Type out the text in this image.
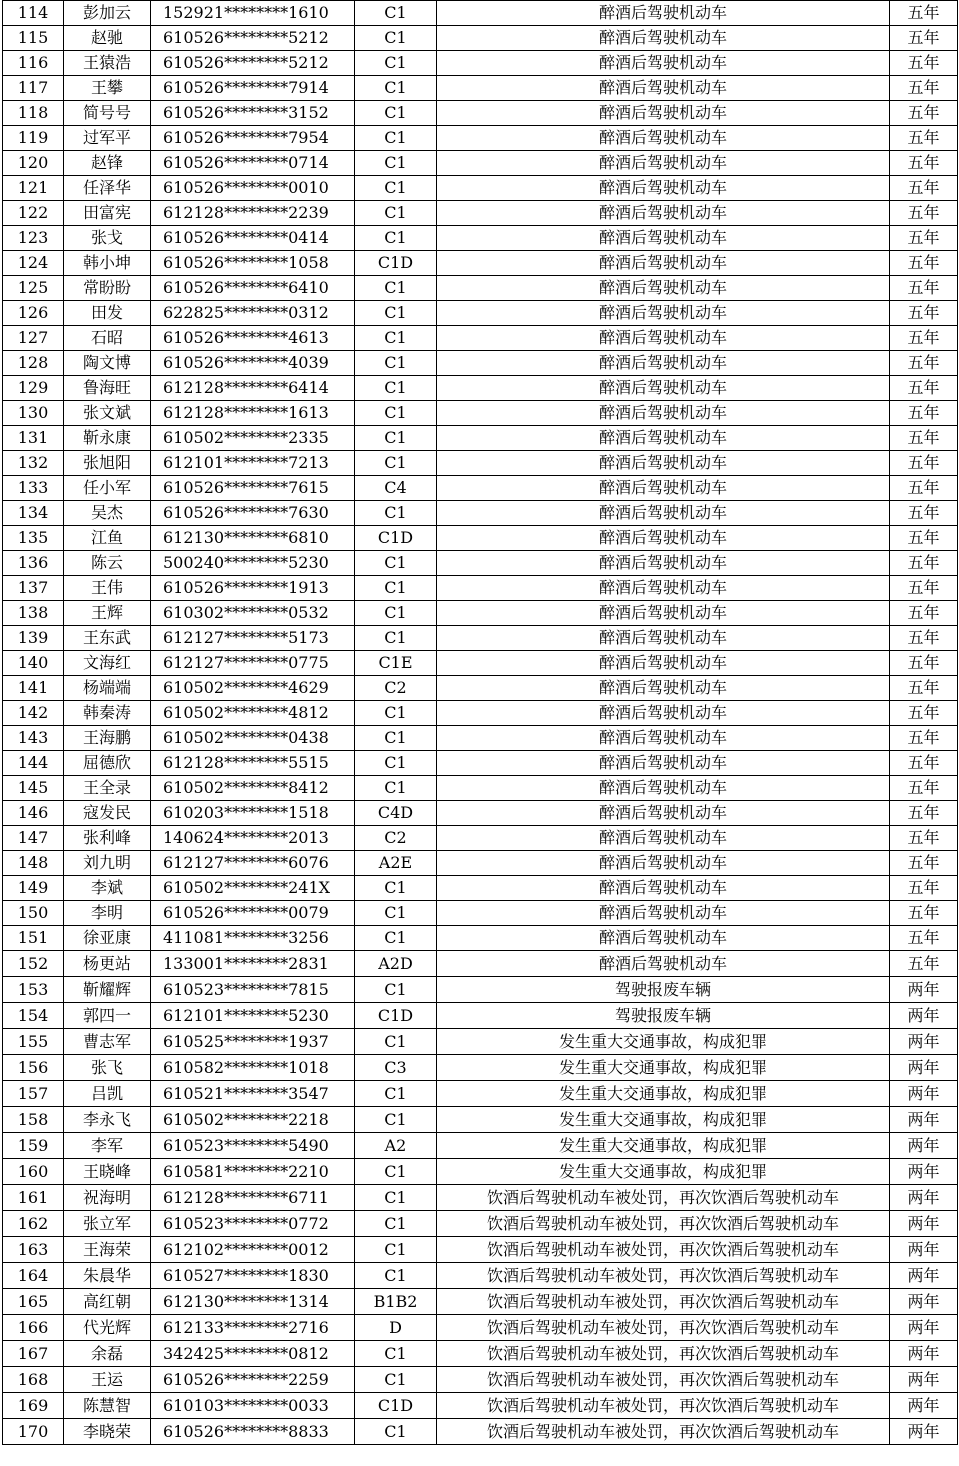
114	彭加云	152921********1610	C1	醉酒后驾驶机动车	五年
115	赵驰	610526********5212	C1	醉酒后驾驶机动车	五年
116	王猿浩	610526********5212	C1	醉酒后驾驶机动车	五年
117	王攀	610526********7914	C1	醉酒后驾驶机动车	五年
118	简号号	610526********3152	C1	醉酒后驾驶机动车	五年
119	过军平	610526********7954	C1	醉酒后驾驶机动车	五年
120	赵锋	610526********0714	C1	醉酒后驾驶机动车	五年
121	任泽华	610526********0010	C1	醉酒后驾驶机动车	五年
122	田富宪	612128********2239	C1	醉酒后驾驶机动车	五年
123	张戈	610526********0414	C1	醉酒后驾驶机动车	五年
124	韩小坤	610526********1058	C1D	醉酒后驾驶机动车	五年
125	常盼盼	610526********6410	C1	醉酒后驾驶机动车	五年
126	田发	622825********0312	C1	醉酒后驾驶机动车	五年
127	石昭	610526********4613	C1	醉酒后驾驶机动车	五年
128	陶文博	610526********4039	C1	醉酒后驾驶机动车	五年
129	鲁海旺	612128********6414	C1	醉酒后驾驶机动车	五年
130	张文斌	612128********1613	C1	醉酒后驾驶机动车	五年
131	靳永康	610502********2335	C1	醉酒后驾驶机动车	五年
132	张旭阳	612101********7213	C1	醉酒后驾驶机动车	五年
133	任小军	610526********7615	C4	醉酒后驾驶机动车	五年
134	吴杰	610526********7630	C1	醉酒后驾驶机动车	五年
135	江鱼	612130********6810	C1D	醉酒后驾驶机动车	五年
136	陈云	500240********5230	C1	醉酒后驾驶机动车	五年
137	王伟	610526********1913	C1	醉酒后驾驶机动车	五年
138	王辉	610302********0532	C1	醉酒后驾驶机动车	五年
139	王东武	612127********5173	C1	醉酒后驾驶机动车	五年
140	文海红	612127********0775	C1E	醉酒后驾驶机动车	五年
141	杨端端	610502********4629	C2	醉酒后驾驶机动车	五年
142	韩秦涛	610502********4812	C1	醉酒后驾驶机动车	五年
143	王海鹏	610502********0438	C1	醉酒后驾驶机动车	五年
144	屈德欣	612128********5515	C1	醉酒后驾驶机动车	五年
145	王全录	610502********8412	C1	醉酒后驾驶机动车	五年
146	寇发民	610203********1518	C4D	醉酒后驾驶机动车	五年
147	张利峰	140624********2013	C2	醉酒后驾驶机动车	五年
148	刘九明	612127********6076	A2E	醉酒后驾驶机动车	五年
149	李斌	610502********241X	C1	醉酒后驾驶机动车	五年
150	李明	610526********0079	C1	醉酒后驾驶机动车	五年
151	徐亚康	411081********3256	C1	醉酒后驾驶机动车	五年
152	杨更站	133001********2831	A2D	醉酒后驾驶机动车	五年
153	靳耀辉	610523********7815	C1	驾驶报废车辆	两年
154	郭四一	612101********5230	C1D	驾驶报废车辆	两年
155	曹志军	610525********1937	C1	发生重大交通事故，构成犯罪	两年
156	张飞	610582********1018	C3	发生重大交通事故，构成犯罪	两年
157	吕凯	610521********3547	C1	发生重大交通事故，构成犯罪	两年
158	李永飞	610502********2218	C1	发生重大交通事故，构成犯罪	两年
159	李军	610523********5490	A2	发生重大交通事故，构成犯罪	两年
160	王晓峰	610581********2210	C1	发生重大交通事故，构成犯罪	两年
161	祝海明	612128********6711	C1	饮酒后驾驶机动车被处罚，再次饮酒后驾驶机动车	两年
162	张立军	610523********0772	C1	饮酒后驾驶机动车被处罚，再次饮酒后驾驶机动车	两年
163	王海荣	612102********0012	C1	饮酒后驾驶机动车被处罚，再次饮酒后驾驶机动车	两年
164	朱晨华	610527********1830	C1	饮酒后驾驶机动车被处罚，再次饮酒后驾驶机动车	两年
165	高红朝	612130********1314	B1B2	饮酒后驾驶机动车被处罚，再次饮酒后驾驶机动车	两年
166	代光辉	612133********2716	D	饮酒后驾驶机动车被处罚，再次饮酒后驾驶机动车	两年
167	余磊	342425********0812	C1	饮酒后驾驶机动车被处罚，再次饮酒后驾驶机动车	两年
168	王运	610526********2259	C1	饮酒后驾驶机动车被处罚，再次饮酒后驾驶机动车	两年
169	陈慧智	610103********0033	C1D	饮酒后驾驶机动车被处罚，再次饮酒后驾驶机动车	两年
170	李晓荣	610526********8833	C1	饮酒后驾驶机动车被处罚，再次饮酒后驾驶机动车	两年
